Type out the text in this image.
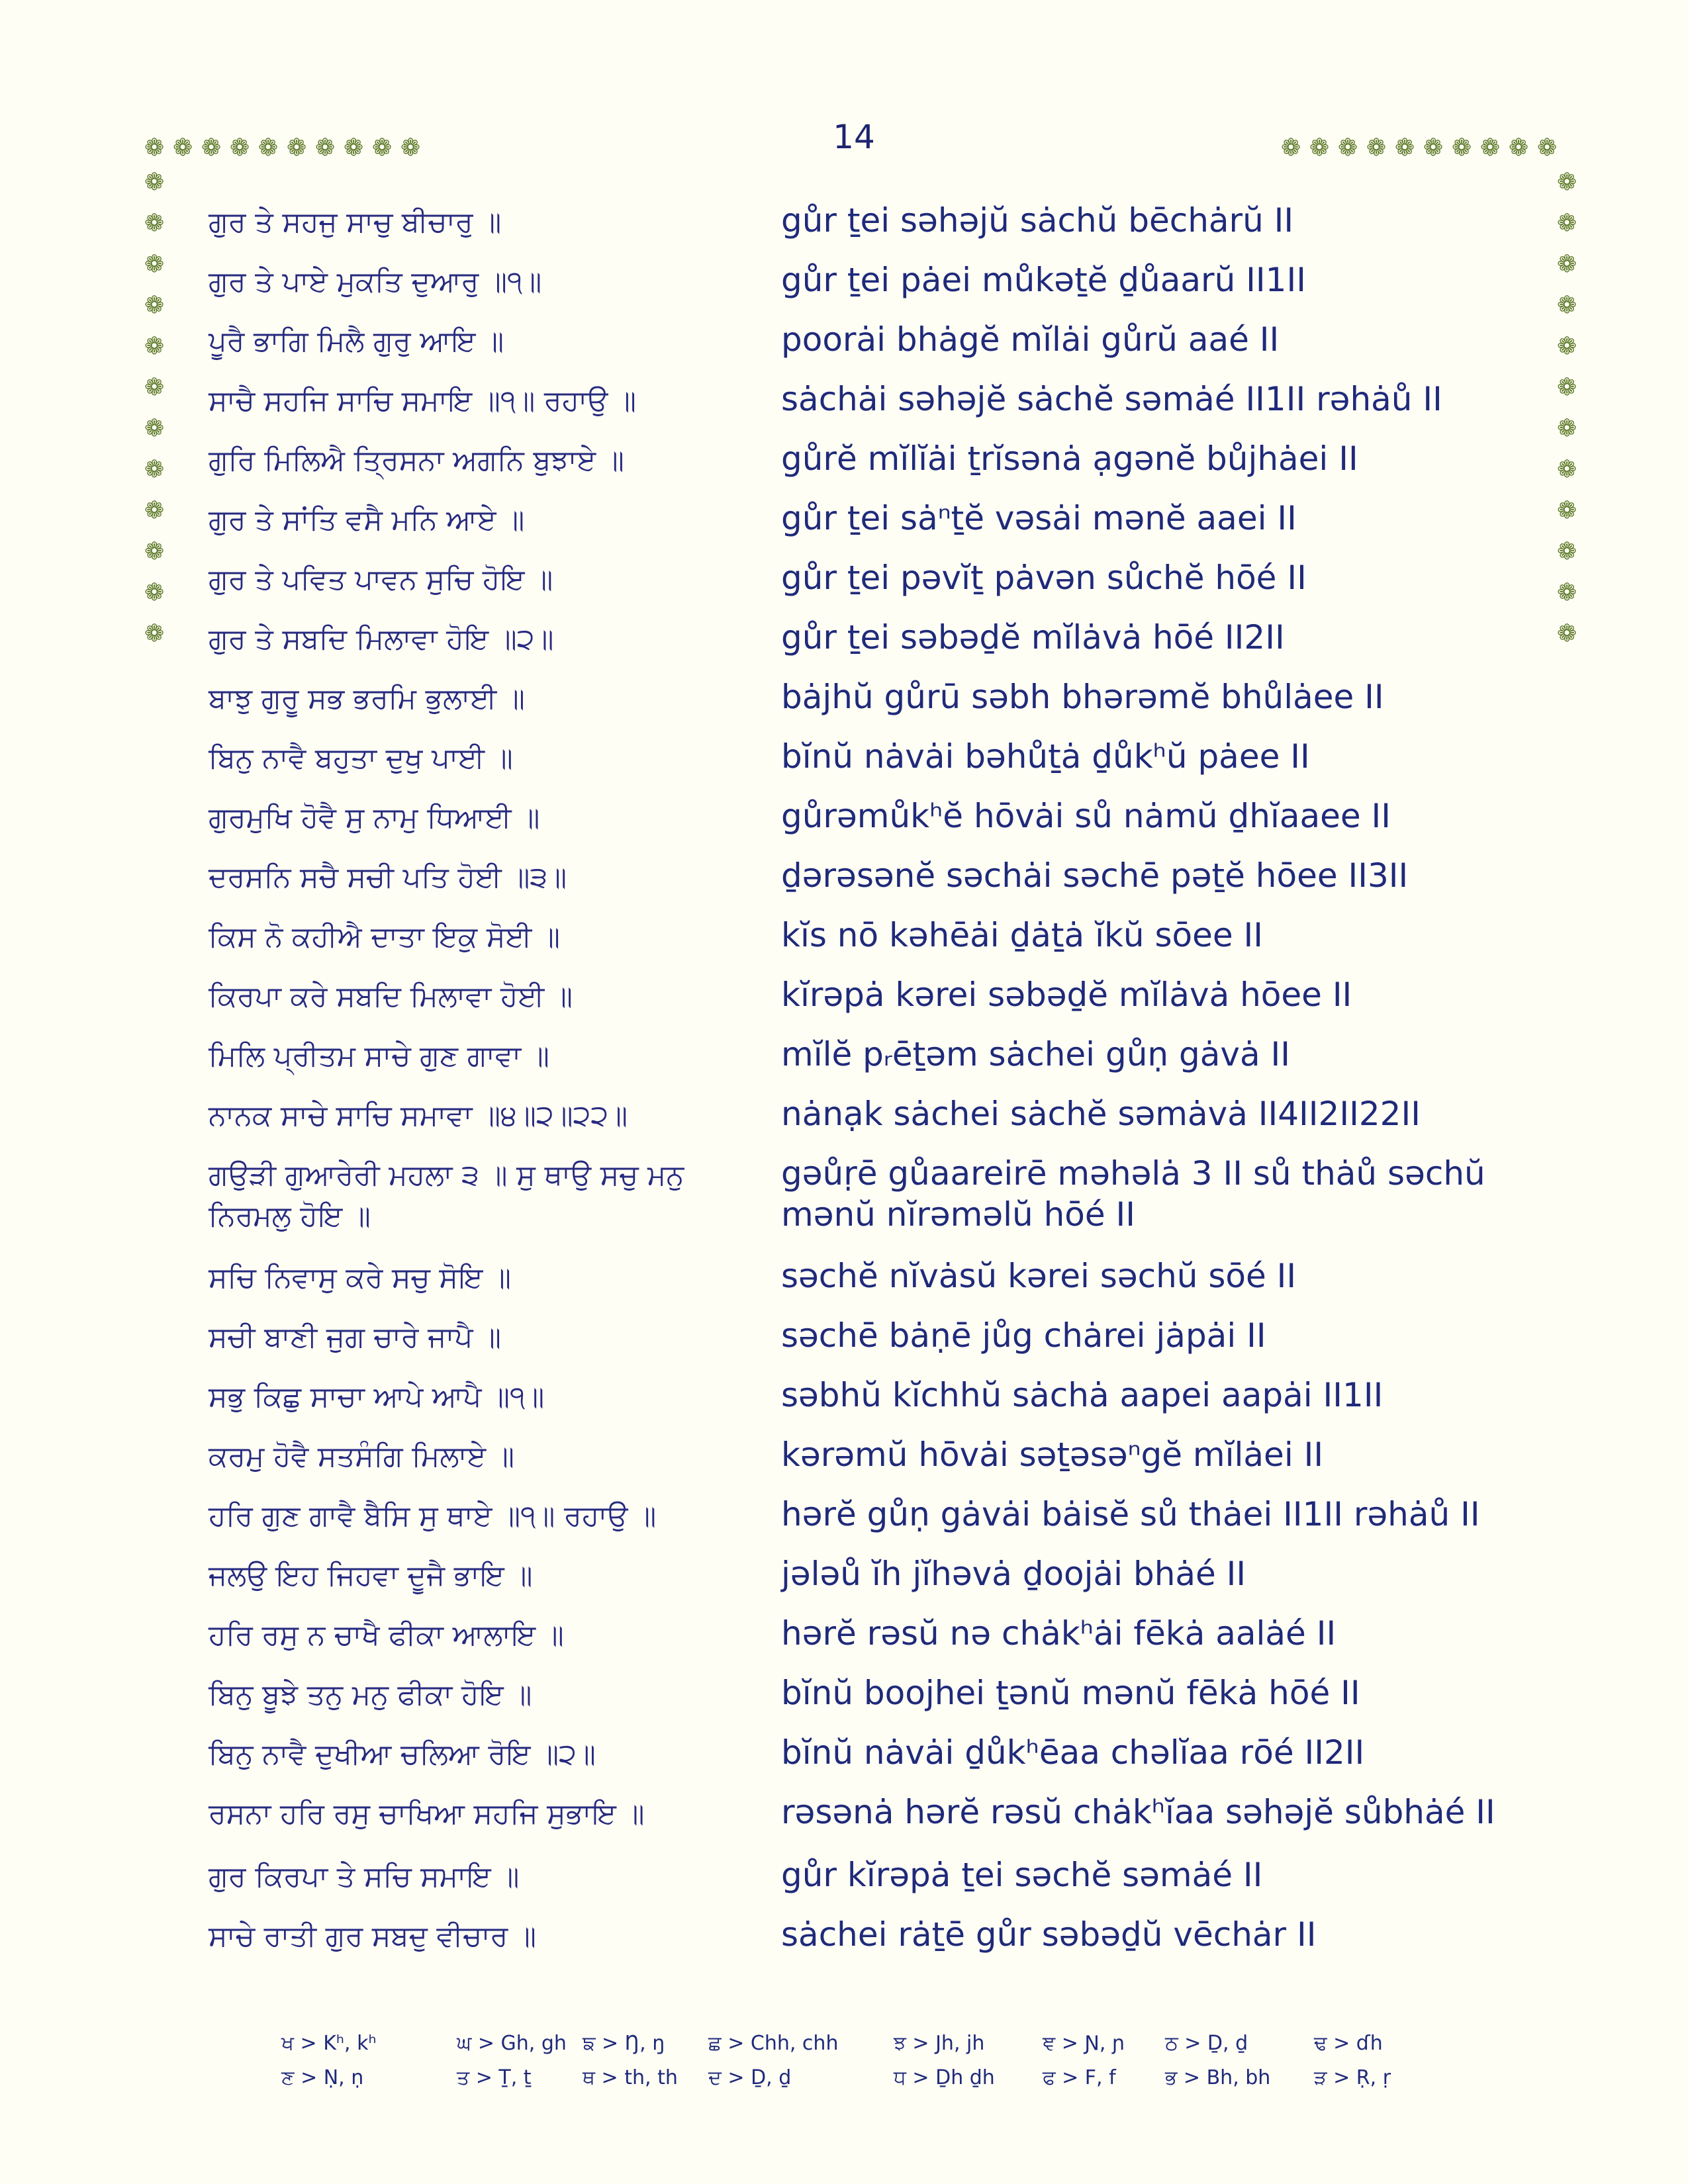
14
❁ ❁ ❁ ❁ ❁ ❁ ❁ ❁ ❁ ❁	❁ ❁ ❁ ❁ ❁ ❁ ❁ ❁ ❁ ❁
❁
❁
❁
❁
❁
❁
❁
❁
❁
❁
❁
❁
❁
❁
❁
❁
❁
❁
❁
❁
❁
❁
❁
❁
ਗੁਰ ਤੇ ਸਹਜੁ ਸਾਚੁ ਬੀਚਾਰੁ ॥	gůr ṯei səhəjŭ sȧchŭ bēchȧrŭ II
ਗੁਰ ਤੇ ਪਾਏ ਮੁਕਤਿ ਦੁਆਰੁ ॥੧॥	gůr ṯei pȧei můkəṯĕ ḏůaarŭ II1II
ਪੂਰੈ ਭਾਗਿ ਮਿਲੈ ਗੁਰੁ ਆਇ ॥	poorȧi bhȧgĕ mĭlȧi gůrŭ aaé II
ਸਾਚੈ ਸਹਜਿ ਸਾਚਿ ਸਮਾਇ ॥੧॥ ਰਹਾਉ ॥	sȧchȧi səhəjĕ sȧchĕ səmȧé II1II rəhȧů II
ਗੁਰਿ ਮਿਲਿਐ ਤ੍ਰਿਸਨਾ ਅਗਨਿ ਬੁਝਾਏ ॥	gůrĕ mĭlĭȧi ṯrĭsənȧ ạgənĕ bůjhȧei II
ਗੁਰ ਤੇ ਸਾਂਤਿ ਵਸੈ ਮਨਿ ਆਏ ॥	gůr ṯei sȧⁿṯĕ vəsȧi mənĕ aaei II
ਗੁਰ ਤੇ ਪਵਿਤ ਪਾਵਨ ਸੁਚਿ ਹੋਇ ॥	gůr ṯei pəvĭṯ pȧvən sůchĕ hōé II
ਗੁਰ ਤੇ ਸਬਦਿ ਮਿਲਾਵਾ ਹੋਇ ॥੨॥	gůr ṯei səbəḏĕ mĭlȧvȧ hōé II2II
ਬਾਝੁ ਗੁਰੂ ਸਭ ਭਰਮਿ ਭੁਲਾਈ ॥	bȧjhŭ gůrū səbh bhərəmĕ bhůlȧee II
ਬਿਨੁ ਨਾਵੈ ਬਹੁਤਾ ਦੁਖੁ ਪਾਈ ॥	bĭnŭ nȧvȧi bəhůṯȧ ḏůkʰŭ pȧee II
ਗੁਰਮੁਖਿ ਹੋਵੈ ਸੁ ਨਾਮੁ ਧਿਆਈ ॥	gůrəmůkʰĕ hōvȧi sů nȧmŭ ḏhĭaaee II
ਦਰਸਨਿ ਸਚੈ ਸਚੀ ਪਤਿ ਹੋਈ ॥੩॥	ḏərəsənĕ səchȧi səchē pəṯĕ hōee II3II
ਕਿਸ ਨੋ ਕਹੀਐ ਦਾਤਾ ਇਕੁ ਸੋਈ ॥	kĭs nō kəhēȧi ḏȧṯȧ ĭkŭ sōee II
ਕਿਰਪਾ ਕਰੇ ਸਬਦਿ ਮਿਲਾਵਾ ਹੋਈ ॥	kĭrəpȧ kərei səbəḏĕ mĭlȧvȧ hōee II
ਮਿਲਿ ਪ੍ਰੀਤਮ ਸਾਚੇ ਗੁਣ ਗਾਵਾ ॥	mĭlĕ pᵣēṯəm sȧchei gůṇ gȧvȧ II
ਨਾਨਕ ਸਾਚੇ ਸਾਚਿ ਸਮਾਵਾ ॥੪॥੨॥੨੨॥	nȧnạk sȧchei sȧchĕ səmȧvȧ II4II2II22II
ਗਉੜੀ ਗੁਆਰੇਰੀ ਮਹਲਾ ੩ ॥ ਸੁ ਥਾਉ ਸਚੁ ਮਨੁ	gəůṛē gůaareirē məhəlȧ 3 II sů thȧů səchŭ
ਨਿਰਮਲੁ ਹੋਇ ॥	mənŭ nĭrəməlŭ hōé II
ਸਚਿ ਨਿਵਾਸੁ ਕਰੇ ਸਚੁ ਸੋਇ ॥	səchĕ nĭvȧsŭ kərei səchŭ sōé II
ਸਚੀ ਬਾਣੀ ਜੁਗ ਚਾਰੇ ਜਾਪੈ ॥	səchē bȧṇē jůg chȧrei jȧpȧi II
ਸਭੁ ਕਿਛੁ ਸਾਚਾ ਆਪੇ ਆਪੈ ॥੧॥	səbhŭ kĭchhŭ sȧchȧ aapei aapȧi II1II
ਕਰਮੁ ਹੋਵੈ ਸਤਸੰਗਿ ਮਿਲਾਏ ॥	kərəmŭ hōvȧi səṯəsəⁿgĕ mĭlȧei II
ਹਰਿ ਗੁਣ ਗਾਵੈ ਬੈਸਿ ਸੁ ਥਾਏ ॥੧॥ ਰਹਾਉ ॥	hərĕ gůṇ gȧvȧi bȧisĕ sů thȧei II1II rəhȧů II
ਜਲਉ ਇਹ ਜਿਹਵਾ ਦੂਜੈ ਭਾਇ ॥	jələů ĭh jĭhəvȧ ḏoojȧi bhȧé II
ਹਰਿ ਰਸੁ ਨ ਚਾਖੈ ਫੀਕਾ ਆਲਾਇ ॥	hərĕ rəsŭ nə chȧkʰȧi fēkȧ aalȧé II
ਬਿਨੁ ਬੂਝੇ ਤਨੁ ਮਨੁ ਫੀਕਾ ਹੋਇ ॥	bĭnŭ boojhei ṯənŭ mənŭ fēkȧ hōé II
ਬਿਨੁ ਨਾਵੈ ਦੁਖੀਆ ਚਲਿਆ ਰੋਇ ॥੨॥	bĭnŭ nȧvȧi ḏůkʰēaa chəlĭaa rōé II2II
ਰਸਨਾ ਹਰਿ ਰਸੁ ਚਾਖਿਆ ਸਹਜਿ ਸੁਭਾਇ ॥	rəsənȧ hərĕ rəsŭ chȧkʰĭaa səhəjĕ sůbhȧé II
ਗੁਰ ਕਿਰਪਾ ਤੇ ਸਚਿ ਸਮਾਇ ॥	gůr kĭrəpȧ ṯei səchĕ səmȧé II
ਸਾਚੇ ਰਾਤੀ ਗੁਰ ਸਬਦੁ ਵੀਚਾਰ ॥	sȧchei rȧṯē gůr səbəḏŭ vēchȧr II
ਖ > Kʰ, kʰ	ਘ > Gh, gh ਙ > Ŋ, ŋ ਛ > Chh, chh	ਝ > Jh, jh	ਞ > Ɲ, ɲ ਠ > Ḏ, ḏ	ਢ > ɗh
ਣ > Ṇ, ṇ	ਤ > Ṯ, ṯ	ਥ > th, th ਦ > Ḏ, ḏ	ਧ > Ḏh ḏh ਫ > F, f ਭ > Bh, bh ੜ > Ṛ, ṛ
